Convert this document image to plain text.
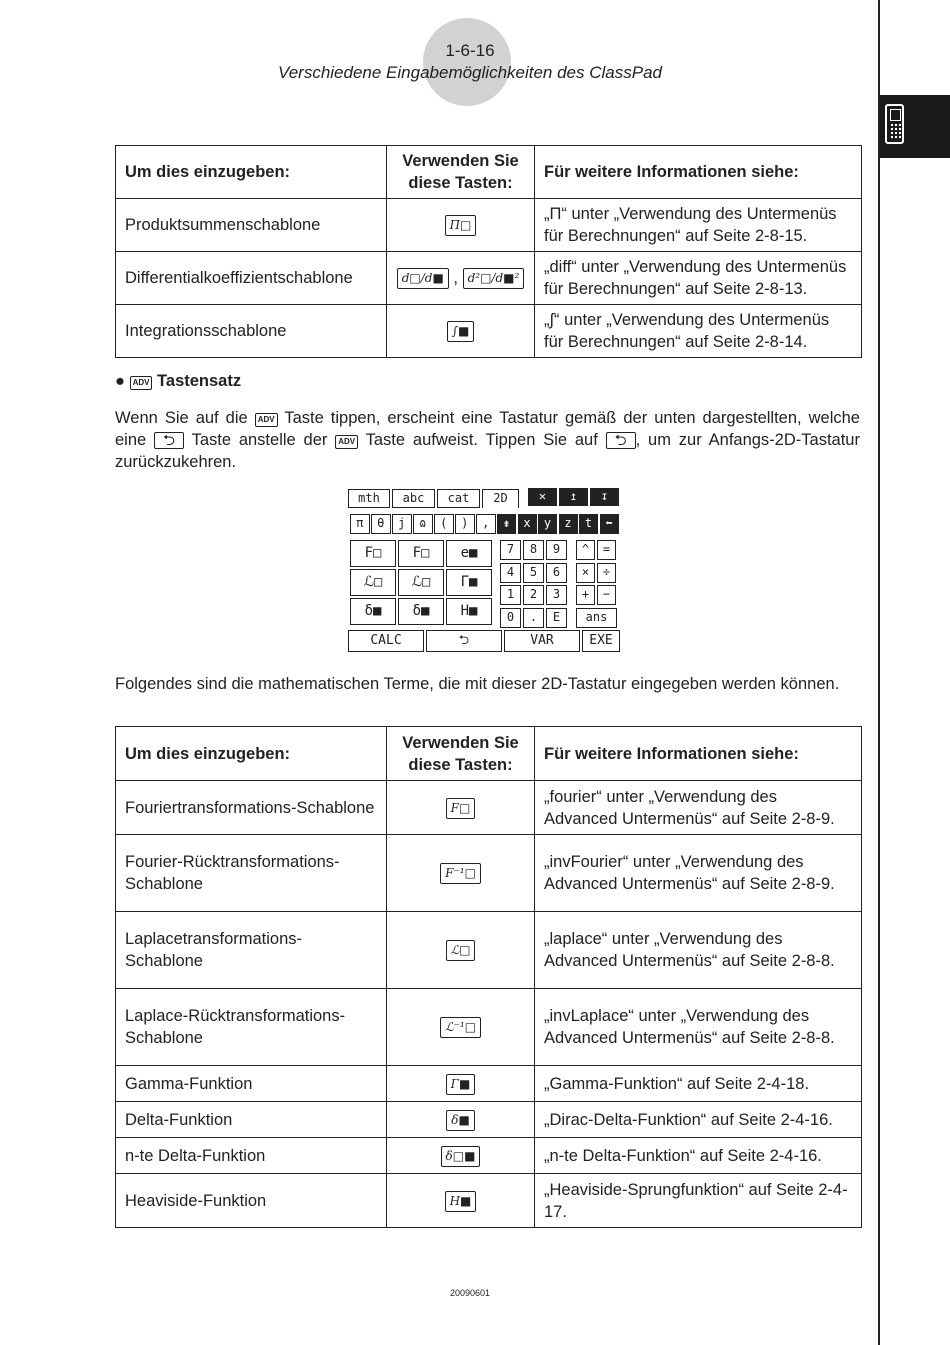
1-6-16
Verschiedene Eingabemöglichkeiten des ClassPad
Um dies einzugeben:	Verwenden Sie diese Tasten:	Für weitere Informationen siehe:
Produktsummenschablone	Π□	„Π“ unter „Verwendung des Untermenüs für Berechnungen“ auf Seite 2-8-15.
Differentialkoeffizientschablone	d□/d■ , d²□/d■²	„diff“ unter „Verwendung des Untermenüs für Berechnungen“ auf Seite 2-8-13.
Integrationsschablone	∫■	„∫“ unter „Verwendung des Untermenüs für Berechnungen“ auf Seite 2-8-14.
● ADV Tastensatz
Wenn Sie auf die ADV Taste tippen, erscheint eine Tastatur gemäß der unten dargestellten, welche eine ⮌ Taste anstelle der ADV Taste aufweist. Tippen Sie auf ⮌ , um zur Anfangs-2D-Tastatur zurückzukehren.
mth	abc	cat	2D	✕	↥	↧
π	θ	j	ɷ	(	)	,	⇟	x	y	z	t	⬅
F□	F□	e■
ℒ□	ℒ□	Γ■
δ■	δ■	H■
7	8	9
4	5	6
1	2	3
0	.	E
^	=
×	÷
+	−
ans
CALC	⮌	VAR	EXE
Folgendes sind die mathematischen Terme, die mit dieser 2D-Tastatur eingegeben werden können.
Um dies einzugeben:	Verwenden Sie diese Tasten:	Für weitere Informationen siehe:
Fouriertransformations-Schablone	F□	„fourier“ unter „Verwendung des Advanced Untermenüs“ auf Seite 2-8-9.
Fourier-Rücktransformations-Schablone	F⁻¹□	„invFourier“ unter „Verwendung des Advanced Untermenüs“ auf Seite 2-8-9.
Laplacetransformations-Schablone	ℒ□	„laplace“ unter „Verwendung des Advanced Untermenüs“ auf Seite 2-8-8.
Laplace-Rücktransformations-Schablone	ℒ⁻¹□	„invLaplace“ unter „Verwendung des Advanced Untermenüs“ auf Seite 2-8-8.
Gamma-Funktion	Γ■	„Gamma-Funktion“ auf Seite 2-4-18.
Delta-Funktion	δ■	„Dirac-Delta-Funktion“ auf Seite 2-4-16.
n-te Delta-Funktion	δ□■	„n-te Delta-Funktion“ auf Seite 2-4-16.
Heaviside-Funktion	H■	„Heaviside-Sprungfunktion“ auf Seite 2-4-17.
20090601
